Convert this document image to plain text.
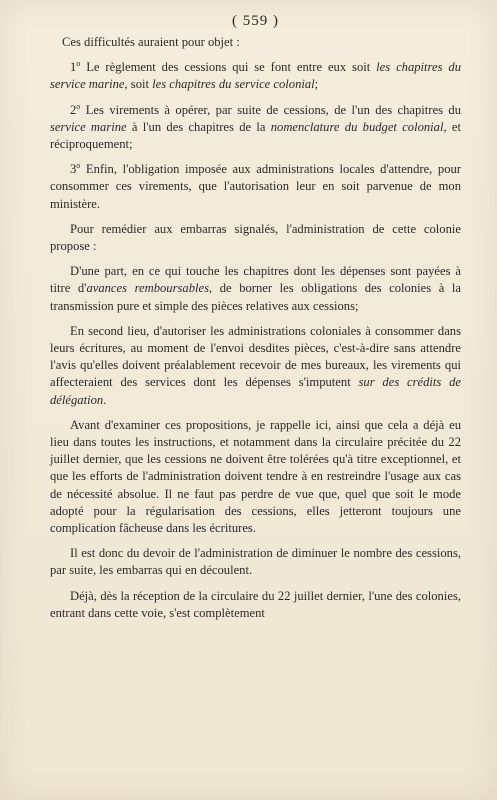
( 559 )

Ces difficultés auraient pour objet :

1$^o$ Le règlement des cessions qui se font entre eux soit les chapitres du service marine, soit les chapitres du service colonial;

2$^o$ Les virements à opérer, par suite de cessions, de l'un des chapitres du service marine à l'un des chapitres de la nomenclature du budget colonial, et réciproquement;

3$^o$ Enfin, l'obligation imposée aux administrations locales d'attendre, pour consommer ces virements, que l'autorisation leur en soit parvenue de mon ministère.

Pour remédier aux embarras signalés, l'administration de cette colonie propose :

D'une part, en ce qui touche les chapitres dont les dépenses sont payées à titre d'avances remboursables, de borner les obligations des colonies à la transmission pure et simple des pièces relatives aux cessions;

En second lieu, d'autoriser les administrations coloniales à consommer dans leurs écritures, au moment de l'envoi desdites pièces, c'est-à-dire sans attendre l'avis qu'elles doivent préalablement recevoir de mes bureaux, les virements qui affecteraient des services dont les dépenses s'imputent sur des crédits de délégation.

Avant d'examiner ces propositions, je rappelle ici, ainsi que cela a déjà eu lieu dans toutes les instructions, et notamment dans la circulaire précitée du 22 juillet dernier, que les cessions ne doivent être tolérées qu'à titre exceptionnel, et que les efforts de l'administration doivent tendre à en restreindre l'usage aux cas de nécessité absolue. Il ne faut pas perdre de vue que, quel que soit le mode adopté pour la régularisation des cessions, elles jetteront toujours une complication fâcheuse dans les écritures.

Il est donc du devoir de l'administration de diminuer le nombre des cessions, par suite, les embarras qui en découlent.

Déjà, dès la réception de la circulaire du 22 juillet dernier, l'une des colonies, entrant dans cette voie, s'est complètement
